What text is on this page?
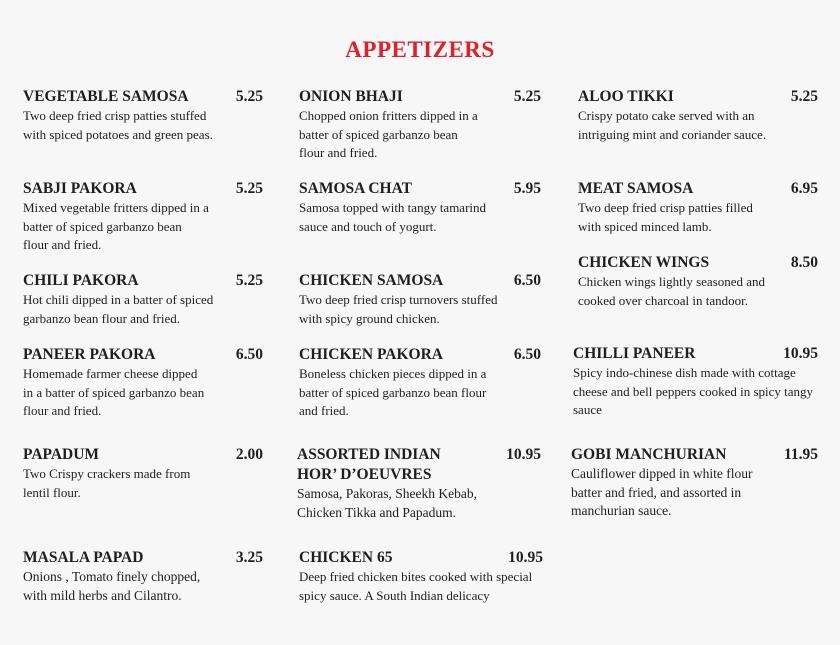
APPETIZERS
VEGETABLE SAMOSA	5.25
Two deep fried crisp patties stuffed
with spiced potatoes and green peas.
SABJI PAKORA	5.25
Mixed vegetable fritters dipped in a
batter of spiced garbanzo bean
flour and fried.
CHILI PAKORA	5.25
Hot chili dipped in a batter of spiced
garbanzo bean flour and fried.
PANEER PAKORA	6.50
Homemade farmer cheese dipped
in a batter of spiced garbanzo bean
flour and fried.
PAPADUM	2.00
Two Crispy crackers made from
lentil flour.
MASALA PAPAD	3.25
Onions , Tomato finely chopped,
with mild herbs and Cilantro.
ONION BHAJI	5.25
Chopped onion fritters dipped in a
batter of spiced garbanzo bean
flour and fried.
SAMOSA CHAT	5.95
Samosa topped with tangy tamarind
sauce and touch of yogurt.
CHICKEN SAMOSA	6.50
Two deep fried crisp turnovers stuffed
with spicy ground chicken.
CHICKEN PAKORA	6.50
Boneless chicken pieces dipped in a
batter of spiced garbanzo bean flour
and fried.
ASSORTED INDIAN
HOR’ D’OEUVRES
10.95
Samosa, Pakoras, Sheekh Kebab,
Chicken Tikka and Papadum.
CHICKEN 65	10.95
Deep fried chicken bites cooked with special
spicy sauce. A South Indian delicacy
ALOO TIKKI	5.25
Crispy potato cake served with an
intriguing mint and coriander sauce.
MEAT SAMOSA	6.95
Two deep fried crisp patties filled
with spiced minced lamb.
CHICKEN WINGS	8.50
Chicken wings lightly seasoned and
cooked over charcoal in tandoor.
CHILLI PANEER	10.95
Spicy indo-chinese dish made with cottage
cheese and bell peppers cooked in spicy tangy
sauce
GOBI MANCHURIAN	11.95
Cauliflower dipped in white flour
batter and fried, and assorted in
manchurian sauce.
